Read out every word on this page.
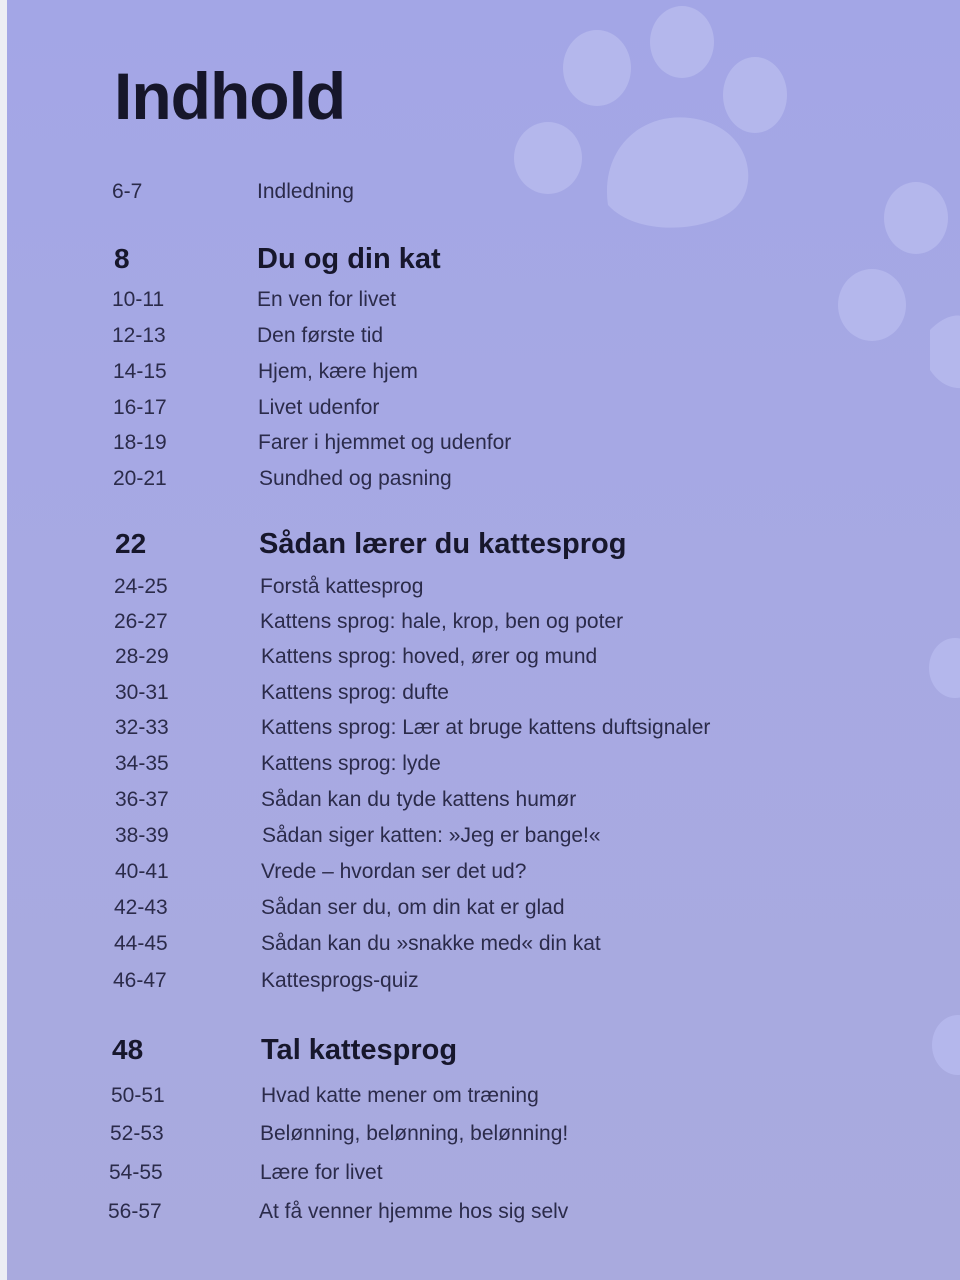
Indhold
6-7	Indledning
8	Du og din kat
10-11	En ven for livet
12-13	Den første tid
14-15	Hjem, kære hjem
16-17	Livet udenfor
18-19	Farer i hjemmet og udenfor
20-21	Sundhed og pasning
22	Sådan lærer du kattesprog
24-25	Forstå kattesprog
26-27	Kattens sprog: hale, krop, ben og poter
28-29	Kattens sprog: hoved, ører og mund
30-31	Kattens sprog: dufte
32-33	Kattens sprog: Lær at bruge kattens duftsignaler
34-35	Kattens sprog: lyde
36-37	Sådan kan du tyde kattens humør
38-39	Sådan siger katten: »Jeg er bange!«
40-41	Vrede – hvordan ser det ud?
42-43	Sådan ser du, om din kat er glad
44-45	Sådan kan du »snakke med« din kat
46-47	Kattesprogs-quiz
48	Tal kattesprog
50-51	Hvad katte mener om træning
52-53	Belønning, belønning, belønning!
54-55	Lære for livet
56-57	At få venner hjemme hos sig selv
